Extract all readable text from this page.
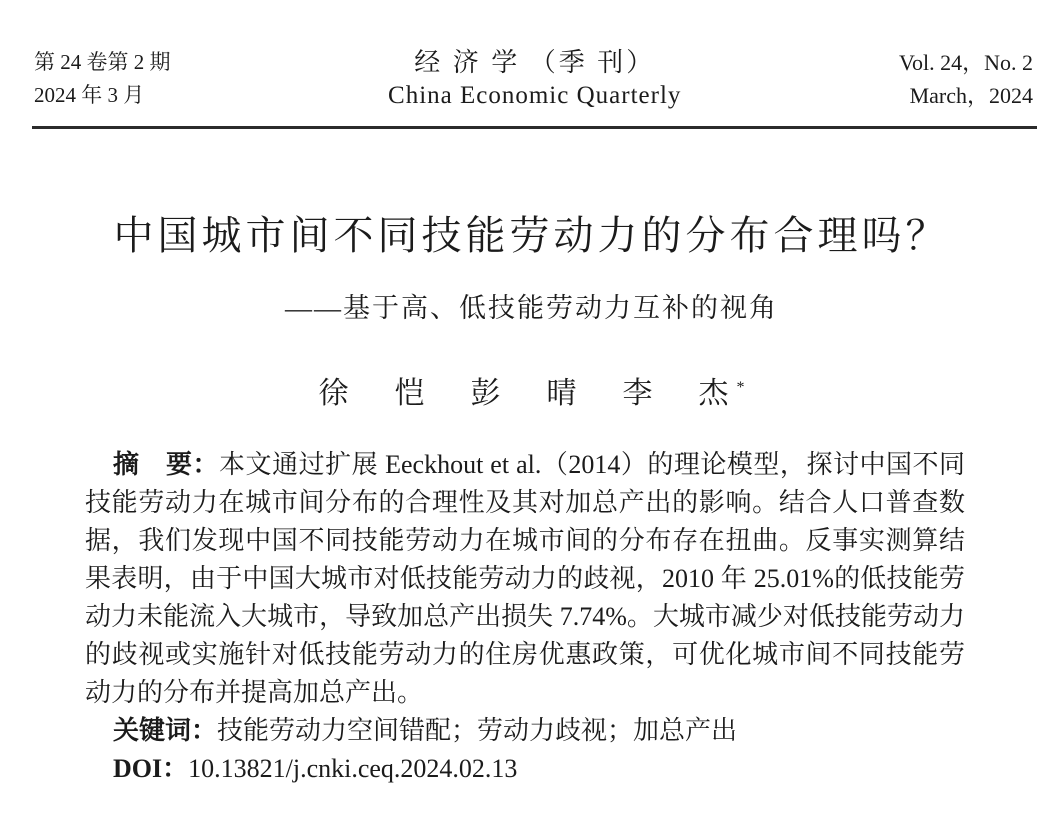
第 24 卷第 2 期
2024 年 3 月
经 济 学 （季 刊）
China Economic Quarterly
Vol. 24，No. 2
March，2024
中国城市间不同技能劳动力的分布合理吗？
——基于高、低技能劳动力互补的视角
徐　恺　彭　晴　李　杰*

摘　要：本文通过扩展 Eeckhout et al.（2014）的理论模型，探讨中国不同技能劳动力在城市间分布的合理性及其对加总产出的影响。结合人口普查数据，我们发现中国不同技能劳动力在城市间的分布存在扭曲。反事实测算结果表明，由于中国大城市对低技能劳动力的歧视，2010 年 25.01%的低技能劳动力未能流入大城市，导致加总产出损失 7.74%。大城市减少对低技能劳动力的歧视或实施针对低技能劳动力的住房优惠政策，可优化城市间不同技能劳动力的分布并提高加总产出。

关键词：技能劳动力空间错配；劳动力歧视；加总产出

DOI：10.13821/j.cnki.ceq.2024.02.13
